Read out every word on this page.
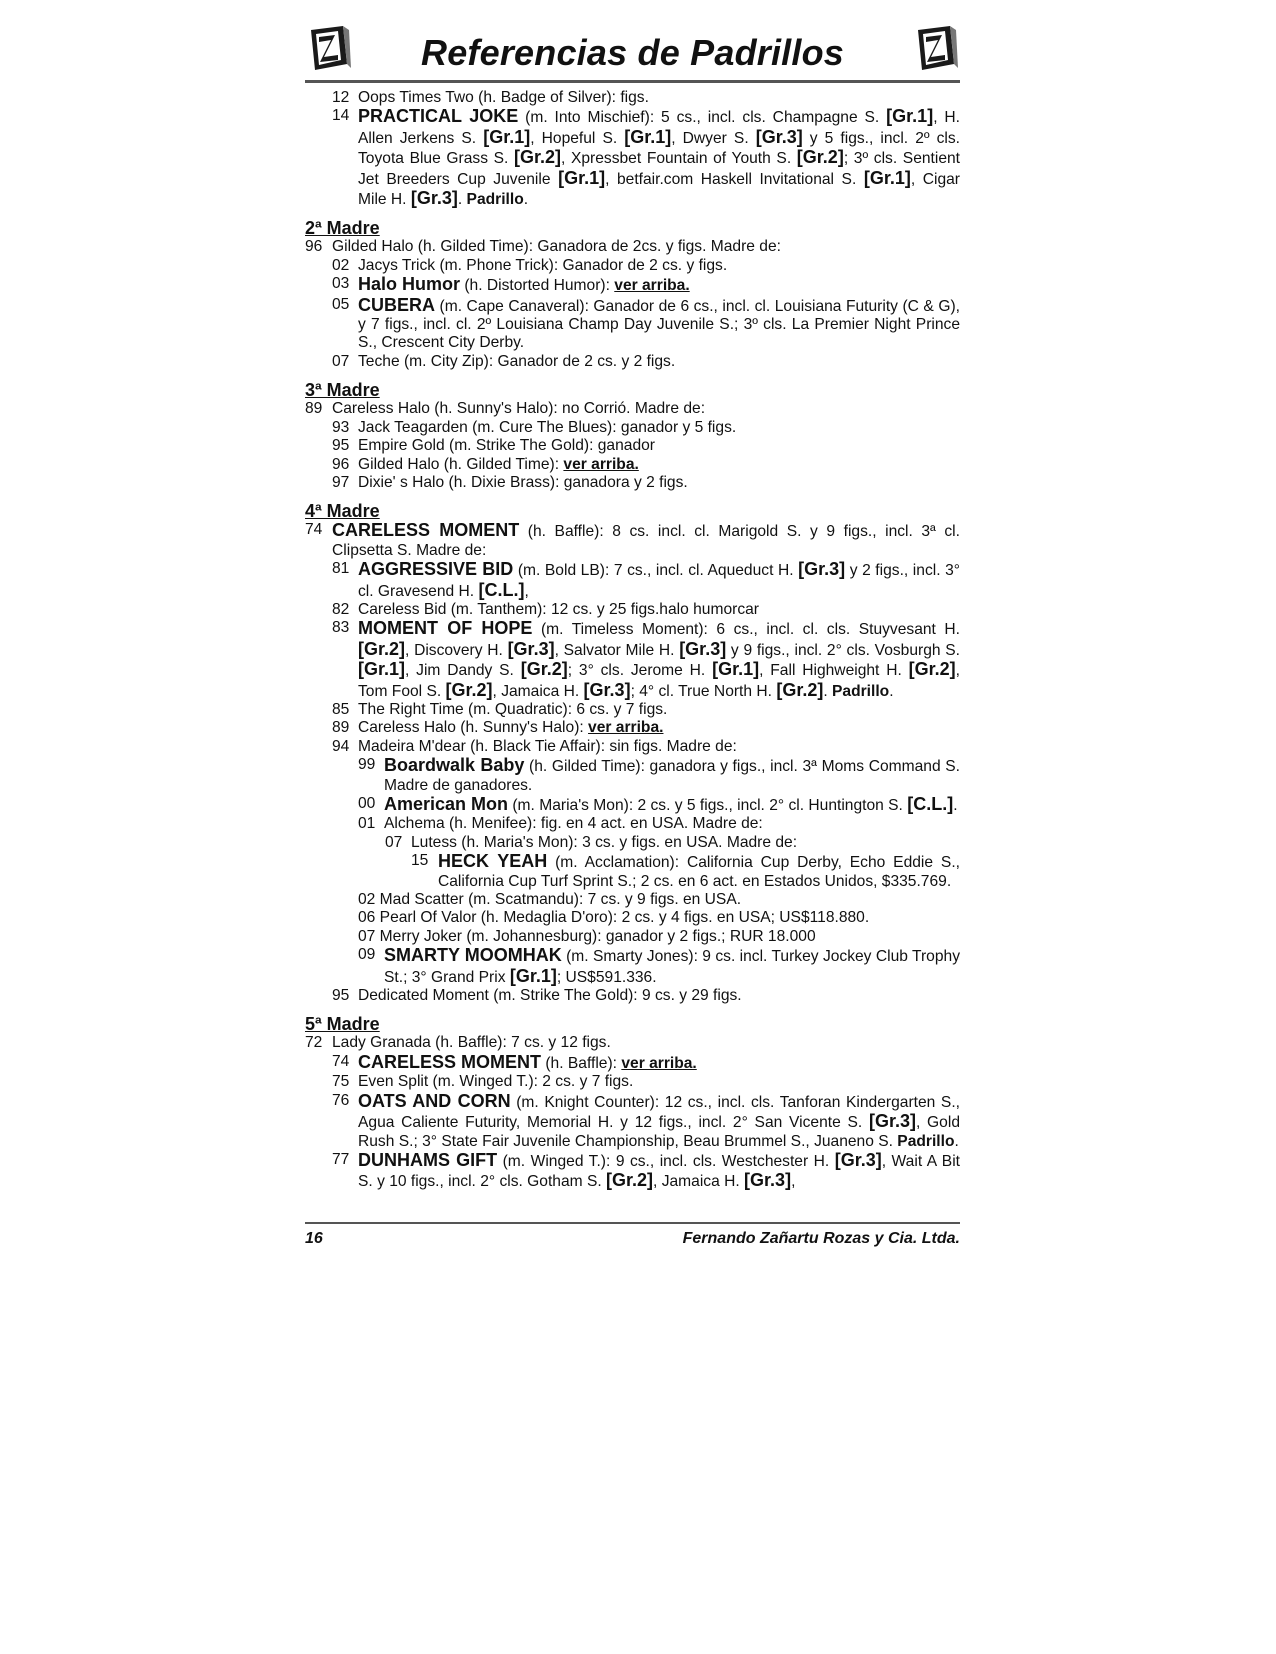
Referencias de Padrillos
12 Oops Times Two (h. Badge of Silver): figs.
14 PRACTICAL JOKE (m. Into Mischief): 5 cs., incl. cls. Champagne S. [Gr.1], H. Allen Jerkens S. [Gr.1], Hopeful S. [Gr.1], Dwyer S. [Gr.3] y 5 figs., incl. 2º cls. Toyota Blue Grass S. [Gr.2], Xpressbet Fountain of Youth S. [Gr.2]; 3º cls. Sentient Jet Breeders Cup Juvenile [Gr.1], betfair.com Haskell Invitational S. [Gr.1], Cigar Mile H. [Gr.3]. Padrillo.
2ª Madre
96 Gilded Halo (h. Gilded Time): Ganadora de 2cs. y figs. Madre de:
02 Jacys Trick (m. Phone Trick): Ganador de 2 cs. y figs.
03 Halo Humor (h. Distorted Humor): ver arriba.
05 CUBERA (m. Cape Canaveral): Ganador de 6 cs., incl. cl. Louisiana Futurity (C & G), y 7 figs., incl. cl. 2º Louisiana Champ Day Juvenile S.; 3º cls. La Premier Night Prince S., Crescent City Derby.
07 Teche (m. City Zip): Ganador de 2 cs. y 2 figs.
3ª Madre
89 Careless Halo (h. Sunny's Halo): no Corrió. Madre de:
93 Jack Teagarden (m. Cure The Blues): ganador y 5 figs.
95 Empire Gold (m. Strike The Gold): ganador
96 Gilded Halo (h. Gilded Time): ver arriba.
97 Dixie' s Halo (h. Dixie Brass): ganadora y 2 figs.
4ª Madre
74 CARELESS MOMENT (h. Baffle): 8 cs. incl. cl. Marigold S. y 9 figs., incl. 3ª cl. Clipsetta S. Madre de:
81 AGGRESSIVE BID (m. Bold LB): 7 cs., incl. cl. Aqueduct H. [Gr.3] y 2 figs., incl. 3° cl. Gravesend H. [C.L.],
82 Careless Bid (m. Tanthem): 12 cs. y 25 figs.halo humorcar
83 MOMENT OF HOPE (m. Timeless Moment): 6 cs., incl. cl. cls. Stuyvesant H. [Gr.2], Discovery H. [Gr.3], Salvator Mile H. [Gr.3] y 9 figs., incl. 2° cls. Vosburgh S. [Gr.1], Jim Dandy S. [Gr.2]; 3° cls. Jerome H. [Gr.1], Fall Highweight H. [Gr.2], Tom Fool S. [Gr.2], Jamaica H. [Gr.3]; 4° cl. True North H. [Gr.2]. Padrillo.
85 The Right Time (m. Quadratic): 6 cs. y 7 figs.
89 Careless Halo (h. Sunny's Halo): ver arriba.
94 Madeira M'dear (h. Black Tie Affair): sin figs. Madre de:
99 Boardwalk Baby (h. Gilded Time): ganadora y figs., incl. 3ª Moms Command S. Madre de ganadores.
00 American Mon (m. Maria's Mon): 2 cs. y 5 figs., incl. 2° cl. Huntington S. [C.L.].
01 Alchema (h. Menifee): fig. en 4 act. en USA. Madre de:
07 Lutess (h. Maria's Mon): 3 cs. y figs. en USA. Madre de:
15 HECK YEAH (m. Acclamation): California Cup Derby, Echo Eddie S., California Cup Turf Sprint S.; 2 cs. en 6 act. en Estados Unidos, $335.769.
02 Mad Scatter (m. Scatmandu): 7 cs. y 9 figs. en USA.
06 Pearl Of Valor (h. Medaglia D'oro): 2 cs. y 4 figs. en USA; US$118.880.
07 Merry Joker (m. Johannesburg): ganador y 2 figs.; RUR 18.000
09 SMARTY MOOMHAK (m. Smarty Jones): 9 cs. incl. Turkey Jockey Club Trophy St.; 3° Grand Prix [Gr.1]; US$591.336.
95 Dedicated Moment (m. Strike The Gold): 9 cs. y 29 figs.
5ª Madre
72 Lady Granada (h. Baffle): 7 cs. y 12 figs.
74 CARELESS MOMENT (h. Baffle): ver arriba.
75 Even Split (m. Winged T.): 2 cs. y 7 figs.
76 OATS AND CORN (m. Knight Counter): 12 cs., incl. cls. Tanforan Kindergarten S., Agua Caliente Futurity, Memorial H. y 12 figs., incl. 2° San Vicente S. [Gr.3], Gold Rush S.; 3° State Fair Juvenile Championship, Beau Brummel S., Juaneno S. Padrillo.
77 DUNHAMS GIFT (m. Winged T.): 9 cs., incl. cls. Westchester H. [Gr.3], Wait A Bit S. y 10 figs., incl. 2° cls. Gotham S. [Gr.2], Jamaica H. [Gr.3],
16	Fernando Zañartu Rozas y Cia. Ltda.
